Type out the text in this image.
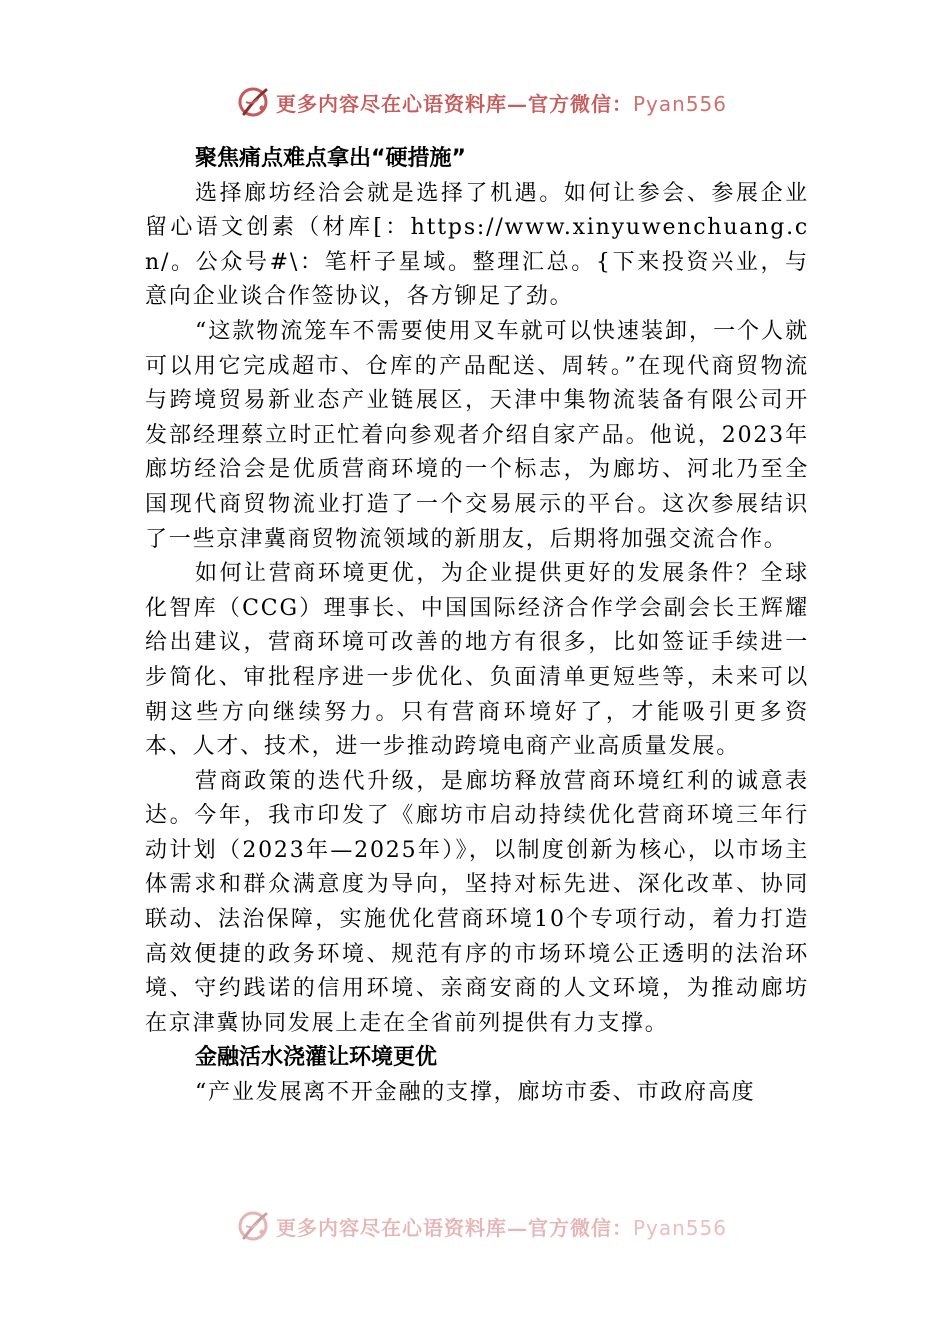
更多内容尽在心语资料库—官方微信：Pyan556

聚焦痛点难点拿出“硬措施”

选择廊坊经洽会就是选择了机遇。如何让参会、参展企业留心语文创素（材库[：https://www.xinyuwenchuang.cn/。公众号#\：笔杆子星域。整理汇总。{下来投资兴业，与意向企业谈合作签协议，各方铆足了劲。

“这款物流笼车不需要使用叉车就可以快速装卸，一个人就可以用它完成超市、仓库的产品配送、周转。”在现代商贸物流与跨境贸易新业态产业链展区，天津中集物流装备有限公司开发部经理蔡立时正忙着向参观者介绍自家产品。他说，2023年廊坊经洽会是优质营商环境的一个标志，为廊坊、河北乃至全国现代商贸物流业打造了一个交易展示的平台。这次参展结识了一些京津冀商贸物流领域的新朋友，后期将加强交流合作。

如何让营商环境更优，为企业提供更好的发展条件？全球化智库（CCG）理事长、中国国际经济合作学会副会长王辉耀给出建议，营商环境可改善的地方有很多，比如签证手续进一步简化、审批程序进一步优化、负面清单更短些等，未来可以朝这些方向继续努力。只有营商环境好了，才能吸引更多资本、人才、技术，进一步推动跨境电商产业高质量发展。

营商政策的迭代升级，是廊坊释放营商环境红利的诚意表达。今年，我市印发了《廊坊市启动持续优化营商环境三年行动计划（2023年—2025年）》，以制度创新为核心，以市场主体需求和群众满意度为导向，坚持对标先进、深化改革、协同联动、法治保障，实施优化营商环境10个专项行动，着力打造高效便捷的政务环境、规范有序的市场环境公正透明的法治环境、守约践诺的信用环境、亲商安商的人文环境，为推动廊坊在京津冀协同发展上走在全省前列提供有力支撑。

金融活水浇灌让环境更优

“产业发展离不开金融的支撑，廊坊市委、市政府高度

更多内容尽在心语资料库—官方微信：Pyan556
